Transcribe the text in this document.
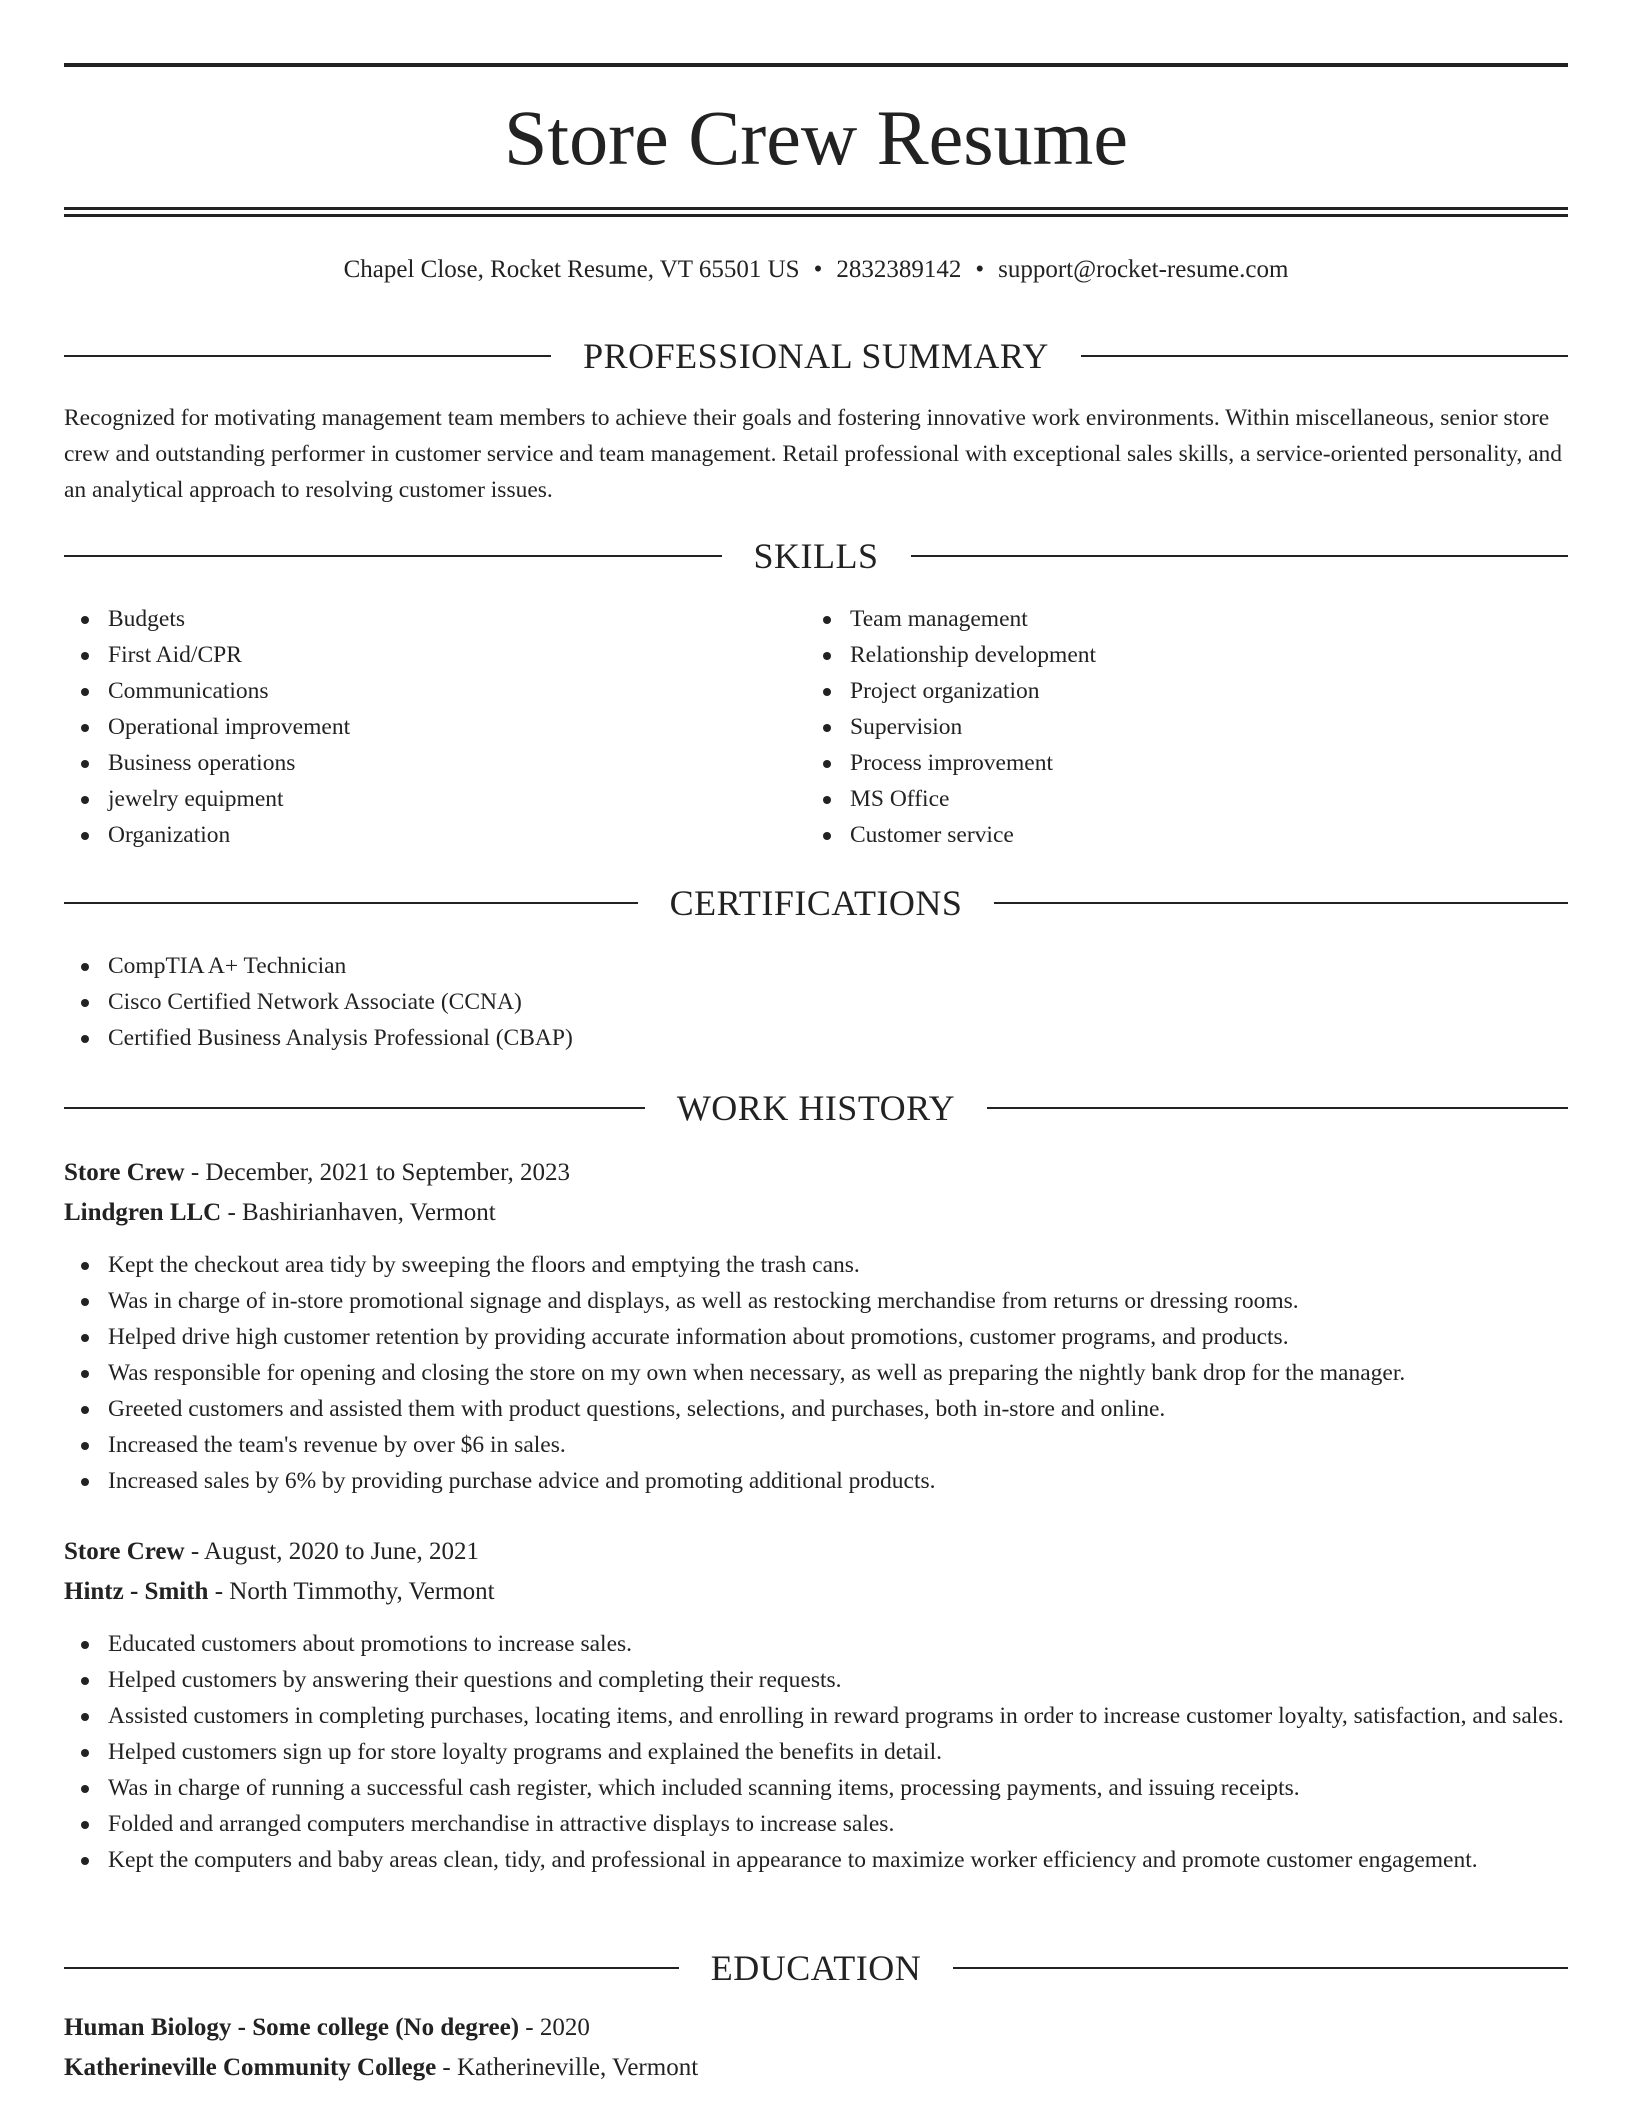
Store Crew Resume
Chapel Close, Rocket Resume, VT 65501 US • 2832389142 • support@rocket-resume.com
PROFESSIONAL SUMMARY
Recognized for motivating management team members to achieve their goals and fostering innovative work environments. Within miscellaneous, senior store crew and outstanding performer in customer service and team management. Retail professional with exceptional sales skills, a service-oriented personality, and an analytical approach to resolving customer issues.
SKILLS
Budgets
First Aid/CPR
Communications
Operational improvement
Business operations
jewelry equipment
Organization
Team management
Relationship development
Project organization
Supervision
Process improvement
MS Office
Customer service
CERTIFICATIONS
CompTIA A+ Technician
Cisco Certified Network Associate (CCNA)
Certified Business Analysis Professional (CBAP)
WORK HISTORY
Store Crew - December, 2021 to September, 2023
Lindgren LLC - Bashirianhaven, Vermont
Kept the checkout area tidy by sweeping the floors and emptying the trash cans.
Was in charge of in-store promotional signage and displays, as well as restocking merchandise from returns or dressing rooms.
Helped drive high customer retention by providing accurate information about promotions, customer programs, and products.
Was responsible for opening and closing the store on my own when necessary, as well as preparing the nightly bank drop for the manager.
Greeted customers and assisted them with product questions, selections, and purchases, both in-store and online.
Increased the team's revenue by over $6 in sales.
Increased sales by 6% by providing purchase advice and promoting additional products.
Store Crew - August, 2020 to June, 2021
Hintz - Smith - North Timmothy, Vermont
Educated customers about promotions to increase sales.
Helped customers by answering their questions and completing their requests.
Assisted customers in completing purchases, locating items, and enrolling in reward programs in order to increase customer loyalty, satisfaction, and sales.
Helped customers sign up for store loyalty programs and explained the benefits in detail.
Was in charge of running a successful cash register, which included scanning items, processing payments, and issuing receipts.
Folded and arranged computers merchandise in attractive displays to increase sales.
Kept the computers and baby areas clean, tidy, and professional in appearance to maximize worker efficiency and promote customer engagement.
EDUCATION
Human Biology - Some college (No degree) - 2020
Katherineville Community College - Katherineville, Vermont
